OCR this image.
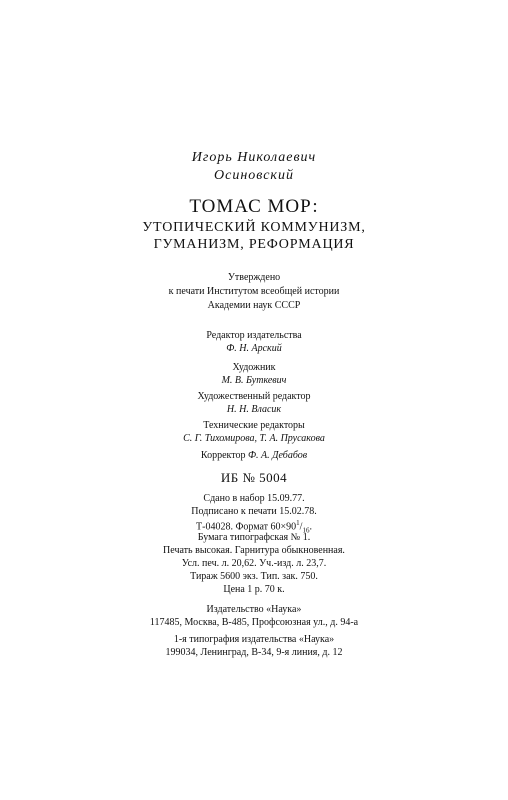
Игорь Николаевич
Осиновский
ТОМАС МОР:
УТОПИЧЕСКИЙ КОММУНИЗМ,
ГУМАНИЗМ, РЕФОРМАЦИЯ
Утверждено
к печати Институтом всеобщей истории
Академии наук СССР
Редактор издательства
Ф. Н. Арский
Художник
М. В. Буткевич
Художественный редактор
Н. Н. Власик
Технические редакторы
С. Г. Тихомирова, Т. А. Прусакова
Корректор Ф. А. Дебабов
ИБ № 5004
Сдано в набор 15.09.77.
Подписано к печати 15.02.78.
Т-04028. Формат $60\times 90^1/_{16}$.
Бумага типографская № 1.
Печать высокая. Гарнитура обыкновенная.
Усл. печ. л. 20,62. Уч.-изд. л. 23,7.
Тираж 5600 экз. Тип. зак. 750.
Цена 1 р. 70 к.
Издательство «Наука»
117485, Москва, В-485, Профсоюзная ул., д. 94-а
1-я типография издательства «Наука»
199034, Ленинград, В-34, 9-я линия, д. 12
